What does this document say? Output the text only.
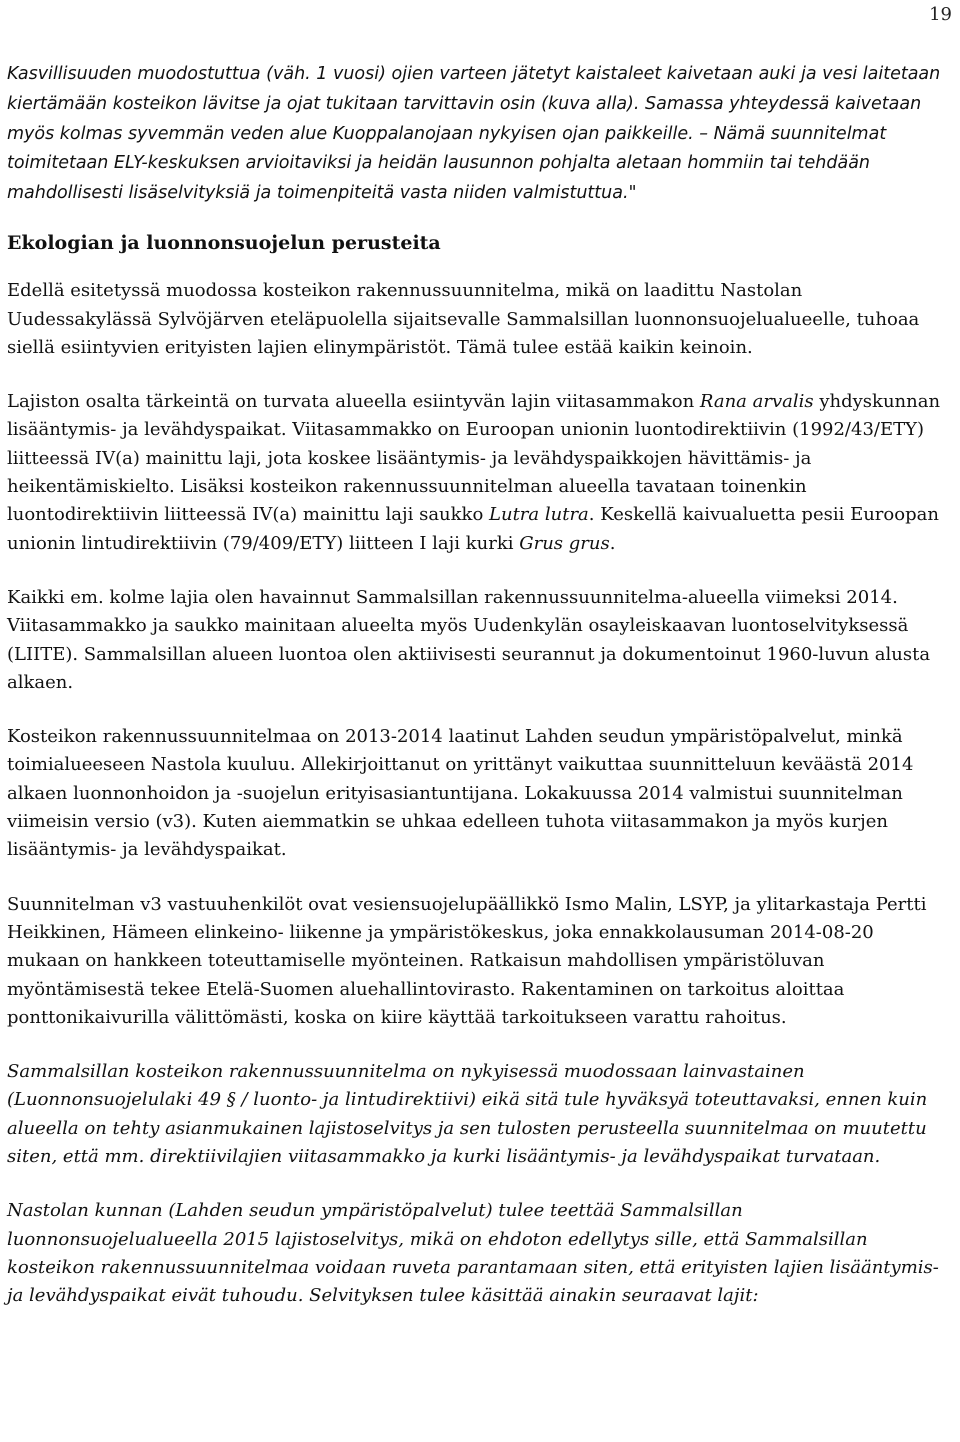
19

Kasvillisuuden muodostuttua (väh. 1 vuosi) ojien varteen jätetyt kaistaleet kaivetaan auki ja vesi laitetaan kiertämään kosteikon lävitse ja ojat tukitaan tarvittavin osin (kuva alla). Samassa yhteydessä kaivetaan myös kolmas syvemmän veden alue Kuoppalanojaan nykyisen ojan paikkeille. – Nämä suunnitelmat toimitetaan ELY-keskuksen arvioitaviksi ja heidän lausunnon pohjalta aletaan hommiin tai tehdään mahdollisesti lisäselvityksiä ja toimenpiteitä vasta niiden valmistuttua."

Ekologian ja luonnonsuojelun perusteita

Edellä esitetyssä muodossa kosteikon rakennussuunnitelma, mikä on laadittu Nastolan Uudessakylässä Sylvöjärven eteläpuolella sijaitsevalle Sammalsillan luonnonsuojelualueelle, tuhoaa siellä esiintyvien erityisten lajien elinympäristöt. Tämä tulee estää kaikin keinoin.

Lajiston osalta tärkeintä on turvata alueella esiintyvän lajin viitasammakon Rana arvalis yhdyskunnan lisääntymis- ja levähdyspaikat. Viitasammakko on Euroopan unionin luontodirektiivin (1992/43/ETY) liitteessä IV(a) mainittu laji, jota koskee lisääntymis- ja levähdyspaikkojen hävittämis- ja heikentämiskielto. Lisäksi kosteikon rakennussuunnitelman alueella tavataan toinenkin luontodirektiivin liitteessä IV(a) mainittu laji saukko Lutra lutra. Keskellä kaivualuetta pesii Euroopan unionin lintudirektiivin (79/409/ETY) liitteen I laji kurki Grus grus.

Kaikki em. kolme lajia olen havainnut Sammalsillan rakennussuunnitelma-alueella viimeksi 2014. Viitasammakko ja saukko mainitaan alueelta myös Uudenkylän osayleiskaavan luontoselvityksessä (LIITE). Sammalsillan alueen luontoa olen aktiivisesti seurannut ja dokumentoinut 1960-luvun alusta alkaen.

Kosteikon rakennussuunnitelmaa on 2013-2014 laatinut Lahden seudun ympäristöpalvelut, minkä toimialueeseen Nastola kuuluu. Allekirjoittanut on yrittänyt vaikuttaa suunnitteluun keväästä 2014 alkaen luonnonhoidon ja -suojelun erityisasiantuntijana. Lokakuussa 2014 valmistui suunnitelman viimeisin versio (v3). Kuten aiemmatkin se uhkaa edelleen tuhota viitasammakon ja myös kurjen lisääntymis- ja levähdyspaikat.

Suunnitelman v3 vastuuhenkilöt ovat vesiensuojelupäällikkö Ismo Malin, LSYP, ja ylitarkastaja Pertti Heikkinen, Hämeen elinkeino- liikenne ja ympäristökeskus, joka ennakkolausuman 2014-08-20 mukaan on hankkeen toteuttamiselle myönteinen. Ratkaisun mahdollisen ympäristöluvan myöntämisestä tekee Etelä-Suomen aluehallintovirasto. Rakentaminen on tarkoitus aloittaa ponttonikaivurilla välittömästi, koska on kiire käyttää tarkoitukseen varattu rahoitus.

Sammalsillan kosteikon rakennussuunnitelma on nykyisessä muodossaan lainvastainen (Luonnonsuojelulaki 49 § / luonto- ja lintudirektiivi) eikä sitä tule hyväksyä toteuttavaksi, ennen kuin alueella on tehty asianmukainen lajistoselvitys ja sen tulosten perusteella suunnitelmaa on muutettu siten, että mm. direktiivilajien viitasammakko ja kurki lisääntymis- ja levähdyspaikat turvataan.

Nastolan kunnan (Lahden seudun ympäristöpalvelut) tulee teettää Sammalsillan luonnonsuojelualueella 2015 lajistoselvitys, mikä on ehdoton edellytys sille, että Sammalsillan kosteikon rakennussuunnitelmaa voidaan ruveta parantamaan siten, että erityisten lajien lisääntymis- ja levähdyspaikat eivät tuhoudu. Selvityksen tulee käsittää ainakin seuraavat lajit:
